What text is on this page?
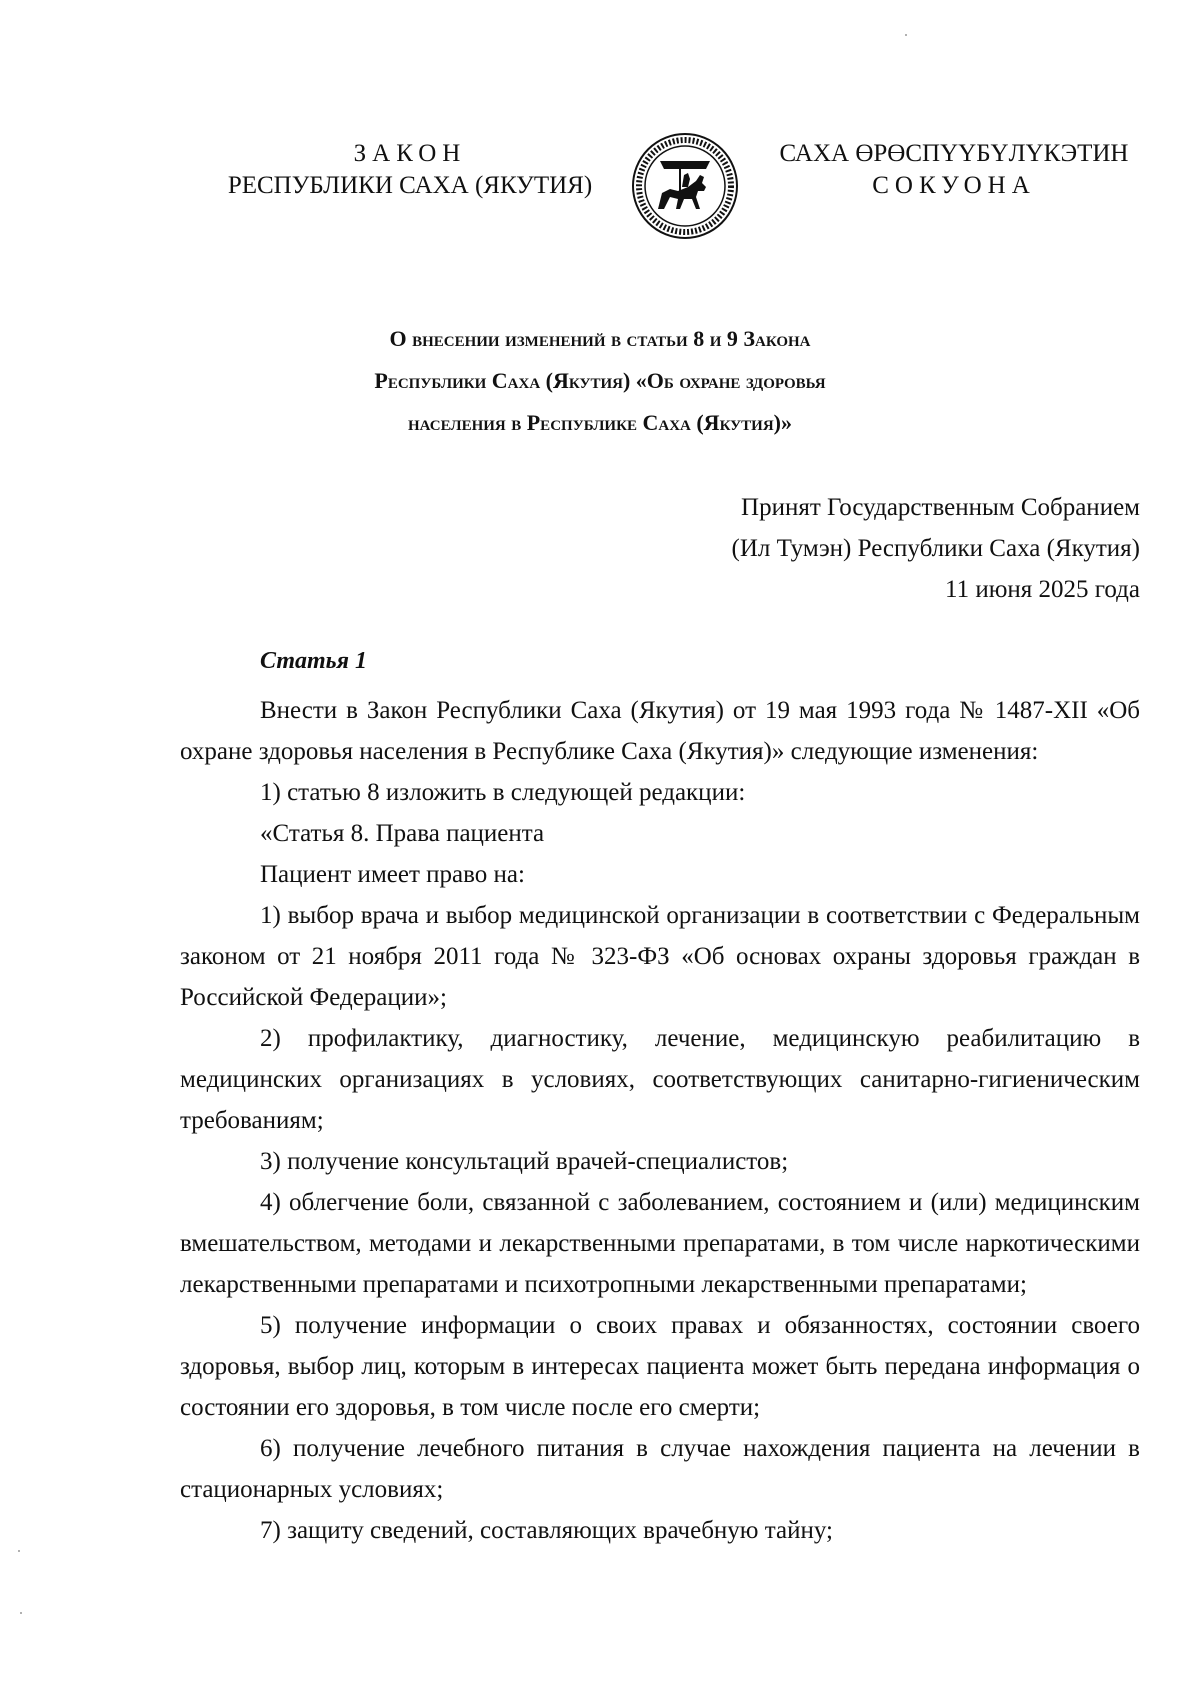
ЗАКОН
РЕСПУБЛИКИ САХА (ЯКУТИЯ)
САХА ӨРӨСПҮҮБҮЛҮКЭТИН
СОКУОНА
О внесении изменений в статьи 8 и 9 Закона
Республики Саха (Якутия) «Об охране здоровья
населения в Республике Саха (Якутия)»
Принят Государственным Собранием
(Ил Тумэн) Республики Саха (Якутия)
11 июня 2025 года
Статья 1

Внести в Закон Республики Саха (Якутия) от 19 мая 1993 года № 1487-XII «Об охране здоровья населения в Республике Саха (Якутия)» следующие изменения:

1) статью 8 изложить в следующей редакции:

«Статья 8. Права пациента

Пациент имеет право на:

1) выбор врача и выбор медицинской организации в соответствии с Федеральным законом от 21 ноября 2011 года № 323-ФЗ «Об основах охраны здоровья граждан в Российской Федерации»;

2) профилактику, диагностику, лечение, медицинскую реабилитацию в медицинских организациях в условиях, соответствующих санитарно-гигиеническим требованиям;

3) получение консультаций врачей-специалистов;

4) облегчение боли, связанной с заболеванием, состоянием и (или) медицинским вмешательством, методами и лекарственными препаратами, в том числе наркотическими лекарственными препаратами и психотропными лекарственными препаратами;

5) получение информации о своих правах и обязанностях, состоянии своего здоровья, выбор лиц, которым в интересах пациента может быть передана информация о состоянии его здоровья, в том числе после его смерти;

6) получение лечебного питания в случае нахождения пациента на лечении в стационарных условиях;

7) защиту сведений, составляющих врачебную тайну;
